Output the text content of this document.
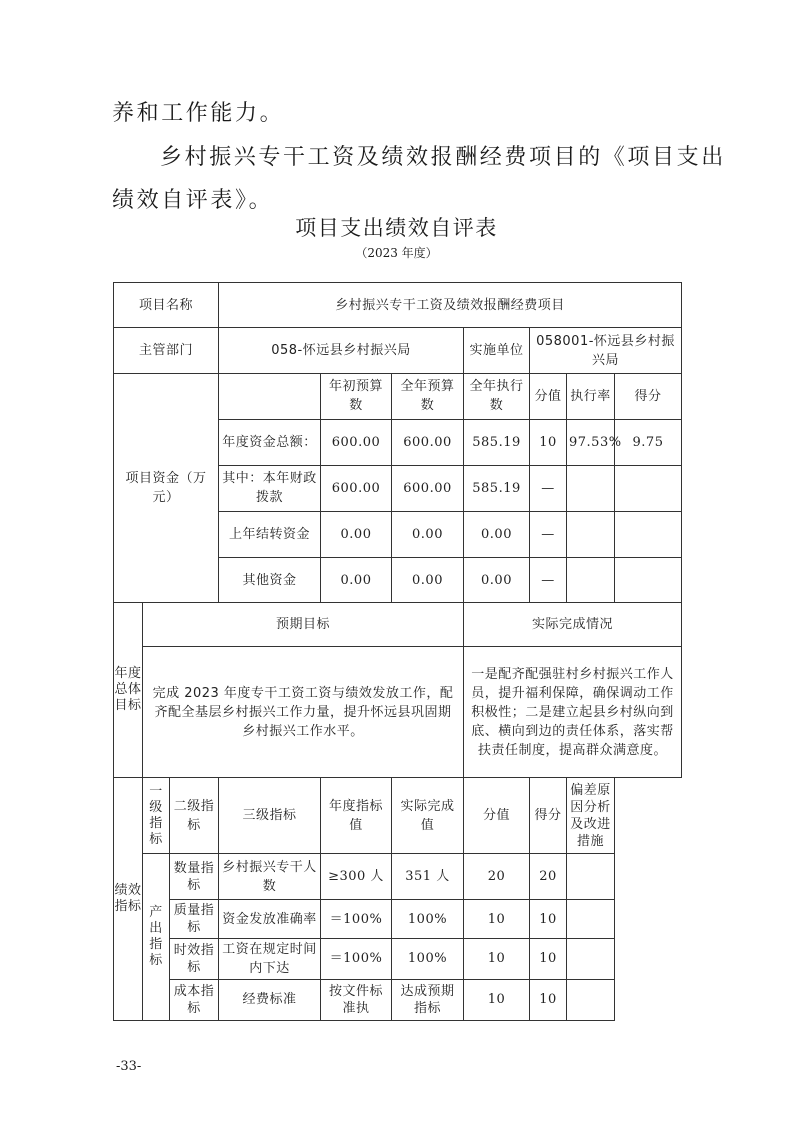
养和工作能力。

乡村振兴专干工资及绩效报酬经费项目的《项目支出

绩效自评表》。

项目支出绩效自评表
（2023 年度）
项目名称			乡村振兴专干工资及绩效报酬经费项目						
主管部门			058-怀远县乡村振兴局			实施单位	058001-怀远县乡村振兴局		
项目资金（万元）				年初预算数	全年预算数	全年执行数	分值	执行率	得分
			年度资金总额：	600.00	600.00	585.19	10	97.53%	9.75
			其中：本年财政拨款	600.00	600.00	585.19	—		
			上年结转资金	0.00	0.00	0.00	—		
			其他资金	0.00	0.00	0.00	—		
年度总体目标	预期目标					实际完成情况			
	完成 2023 年度专干工资工资与绩效发放工作，配齐配全基层乡村振兴工作力量，提升怀远县巩固期乡村振兴工作水平。					一是配齐配强驻村乡村振兴工作人员，提升福利保障，确保调动工作积极性；二是建立起县乡村纵向到底、横向到边的责任体系，落实帮扶责任制度，提高群众满意度。			
绩效指标	一级指标	二级指标	三级指标	年度指标值	实际完成值	分值	得分	偏差原因分析及改进措施	
	产出指标	数量指标	乡村振兴专干人数	≥300 人	351 人	20	20		
		质量指标	资金发放准确率	＝100%	100%	10	10		
		时效指标	工资在规定时间内下达	＝100%	100%	10	10		
		成本指标	经费标准	按文件标准执	达成预期指标	10	10		
-33-
